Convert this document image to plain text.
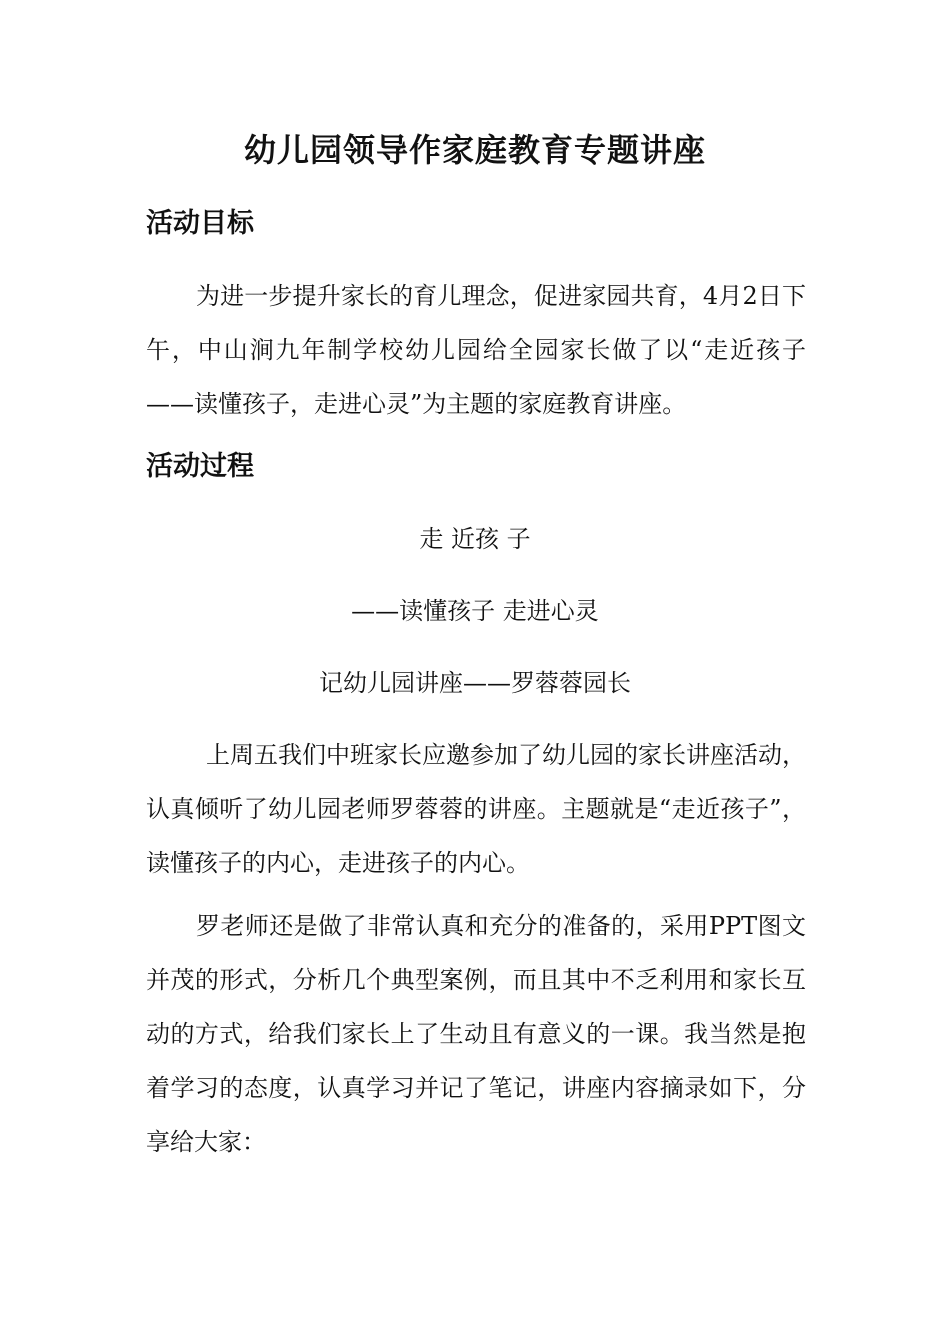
幼儿园领导作家庭教育专题讲座
活动目标

为进一步提升家长的育儿理念，促进家园共育，4月2日下午，中山涧九年制学校幼儿园给全园家长做了以“走近孩子——读懂孩子，走进心灵”为主题的家庭教育讲座。

活动过程
走 近孩 子
——读懂孩子 走进心灵
记幼儿园讲座——罗蓉蓉园长

上周五我们中班家长应邀参加了幼儿园的家长讲座活动，认真倾听了幼儿园老师罗蓉蓉的讲座。主题就是“走近孩子”，读懂孩子的内心，走进孩子的内心。

罗老师还是做了非常认真和充分的准备的，采用PPT图文并茂的形式，分析几个典型案例，而且其中不乏利用和家长互动的方式，给我们家长上了生动且有意义的一课。我当然是抱着学习的态度，认真学习并记了笔记，讲座内容摘录如下，分享给大家：
